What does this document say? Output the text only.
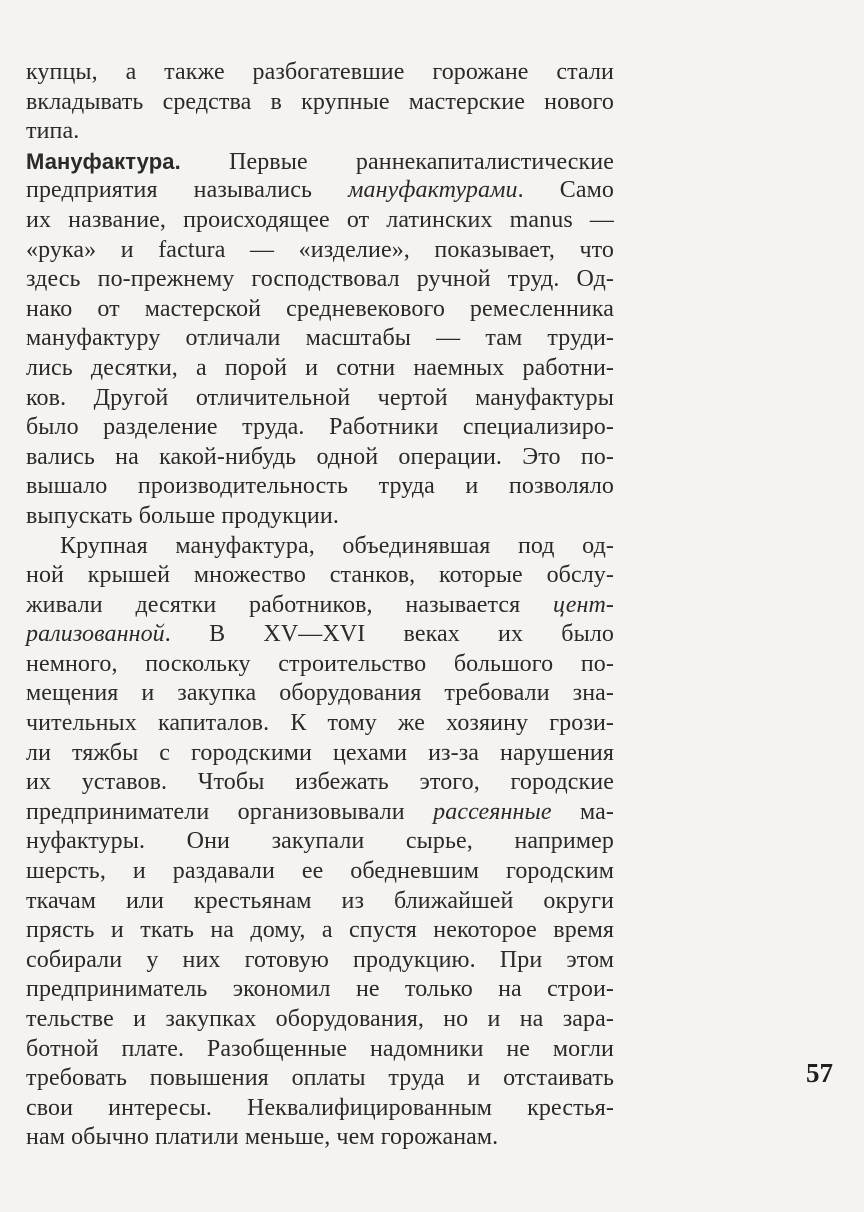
купцы, а также разбогатевшие горожане стали
вкладывать средства в крупные мастерские нового
типа.
Мануфактура. Первые раннекапиталистические
предприятия назывались мануфактурами. Само
их название, происходящее от латинских manus —
«рука» и factura — «изделие», показывает, что
здесь по-прежнему господствовал ручной труд. Од-
нако от мастерской средневекового ремесленника
мануфактуру отличали масштабы — там труди-
лись десятки, а порой и сотни наемных работни-
ков. Другой отличительной чертой мануфактуры
было разделение труда. Работники специализиро-
вались на какой-нибудь одной операции. Это по-
вышало производительность труда и позволяло
выпускать больше продукции.
Крупная мануфактура, объединявшая под од-
ной крышей множество станков, которые обслу-
живали десятки работников, называется цент-
рализованной. В XV—XVI веках их было
немного, поскольку строительство большого по-
мещения и закупка оборудования требовали зна-
чительных капиталов. К тому же хозяину грози-
ли тяжбы с городскими цехами из-за нарушения
их уставов. Чтобы избежать этого, городские
предприниматели организовывали рассеянные ма-
нуфактуры. Они закупали сырье, например
шерсть, и раздавали ее обедневшим городским
ткачам или крестьянам из ближайшей округи
прясть и ткать на дому, а спустя некоторое время
собирали у них готовую продукцию. При этом
предприниматель экономил не только на строи-
тельстве и закупках оборудования, но и на зара-
ботной плате. Разобщенные надомники не могли
требовать повышения оплаты труда и отстаивать
свои интересы. Неквалифицированным крестья-
нам обычно платили меньше, чем горожанам.
57
